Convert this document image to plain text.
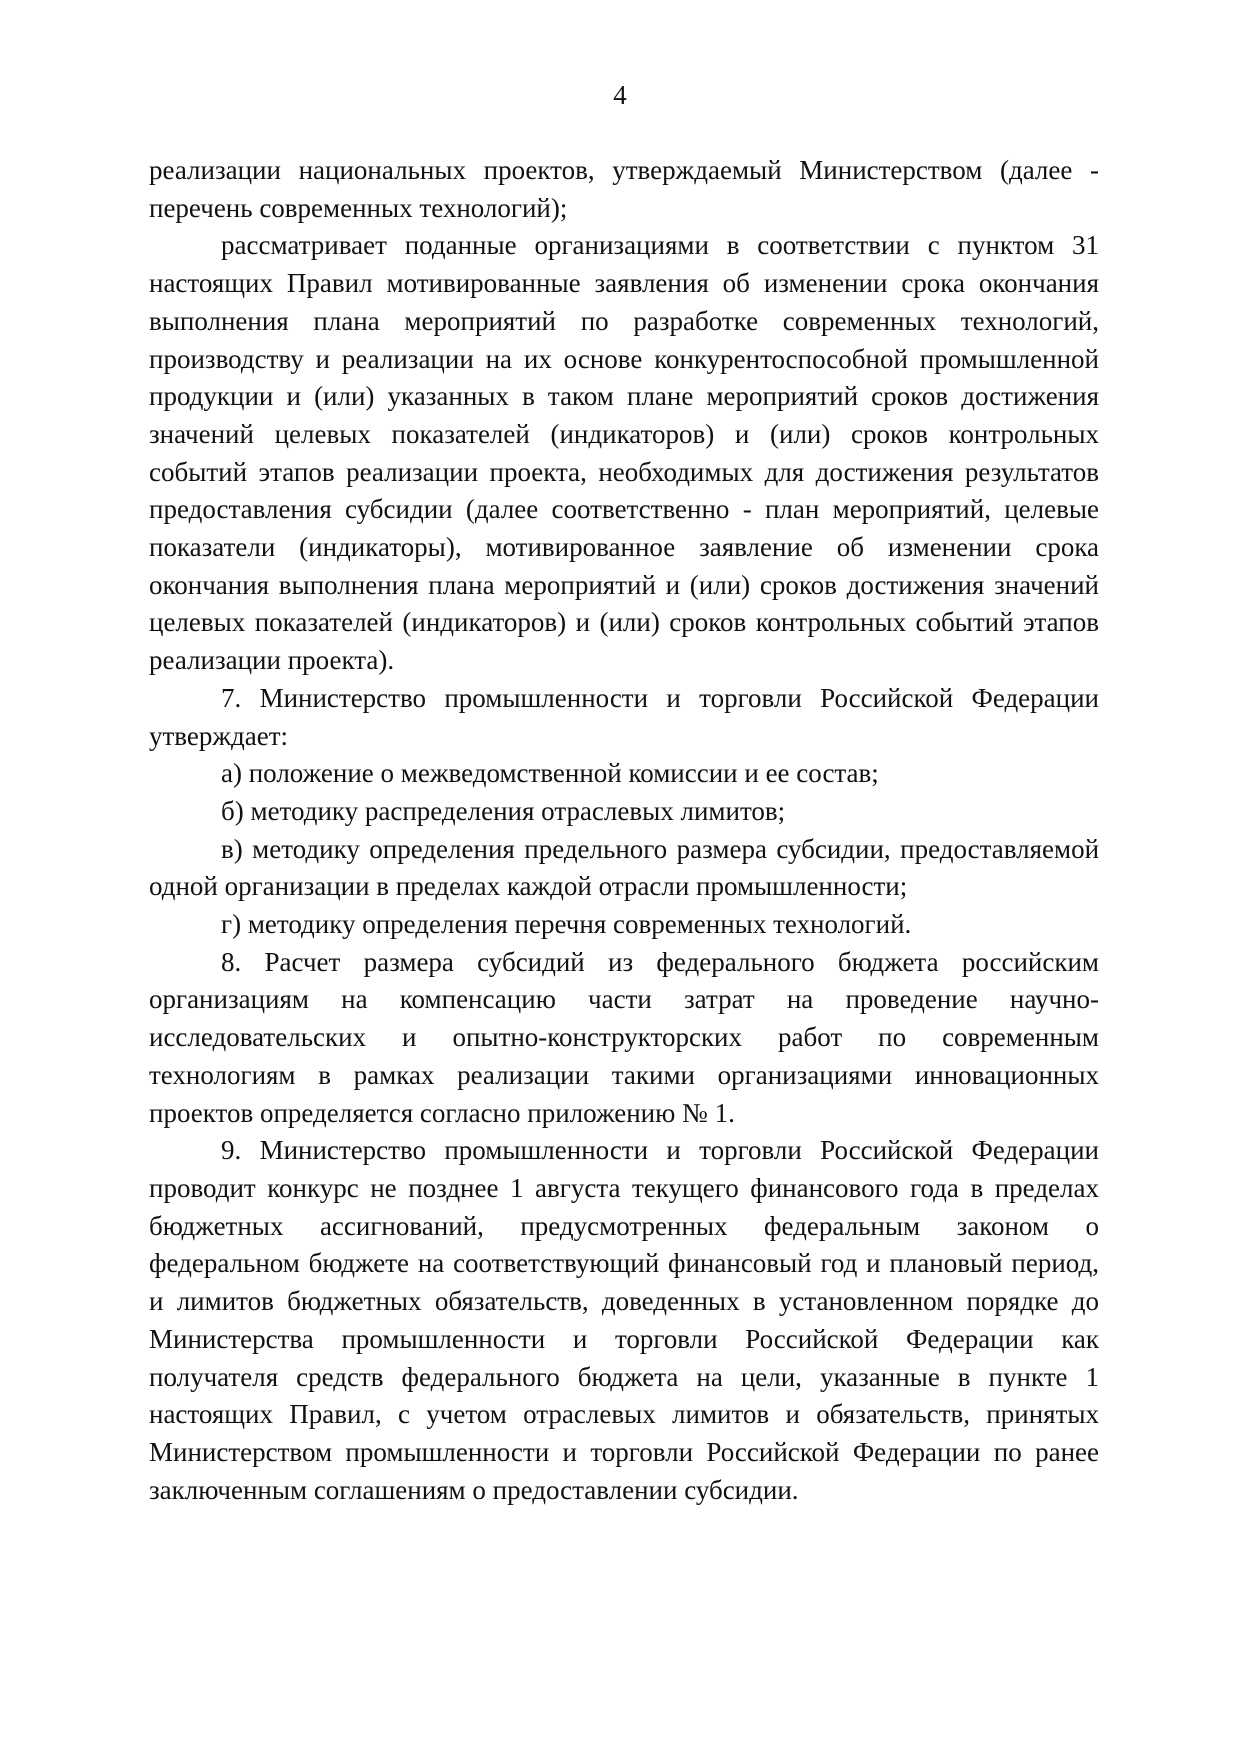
4

реализации национальных проектов, утверждаемый Министерством (далее - перечень современных технологий);

рассматривает поданные организациями в соответствии с пунктом 31 настоящих Правил мотивированные заявления об изменении срока окончания выполнения плана мероприятий по разработке современных технологий, производству и реализации на их основе конкурентоспособной промышленной продукции и (или) указанных в таком плане мероприятий сроков достижения значений целевых показателей (индикаторов) и (или) сроков контрольных событий этапов реализации проекта, необходимых для достижения результатов предоставления субсидии (далее соответственно - план мероприятий, целевые показатели (индикаторы), мотивированное заявление об изменении срока окончания выполнения плана мероприятий и (или) сроков достижения значений целевых показателей (индикаторов) и (или) сроков контрольных событий этапов реализации проекта).

7. Министерство промышленности и торговли Российской Федерации утверждает:

а) положение о межведомственной комиссии и ее состав;

б) методику распределения отраслевых лимитов;

в) методику определения предельного размера субсидии, предоставляемой одной организации в пределах каждой отрасли промышленности;

г) методику определения перечня современных технологий.

8. Расчет размера субсидий из федерального бюджета российским организациям на компенсацию части затрат на проведение научно- исследовательских и опытно-конструкторских работ по современным технологиям в рамках реализации такими организациями инновационных проектов определяется согласно приложению № 1.

9. Министерство промышленности и торговли Российской Федерации проводит конкурс не позднее 1 августа текущего финансового года в пределах бюджетных ассигнований, предусмотренных федеральным законом о федеральном бюджете на соответствующий финансовый год и плановый период, и лимитов бюджетных обязательств, доведенных в установленном порядке до Министерства промышленности и торговли Российской Федерации как получателя средств федерального бюджета на цели, указанные в пункте 1 настоящих Правил, с учетом отраслевых лимитов и обязательств, принятых Министерством промышленности и торговли Российской Федерации по ранее заключенным соглашениям о предоставлении субсидии.
